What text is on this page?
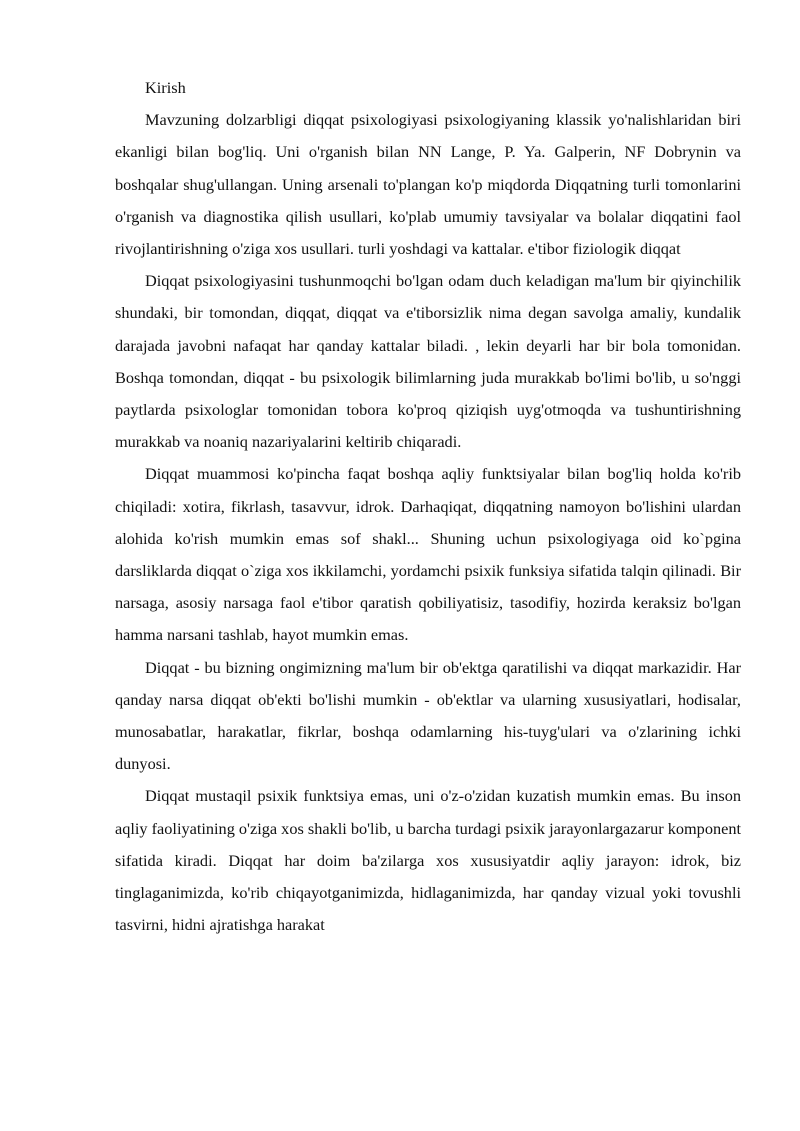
Kirish

Mavzuning dolzarbligi diqqat psixologiyasi psixologiyaning klassik yo'nalishlaridan biri ekanligi bilan bog'liq. Uni o'rganish bilan NN Lange, P. Ya. Galperin, NF Dobrynin va boshqalar shug'ullangan. Uning arsenali to'plangan ko'p miqdorda Diqqatning turli tomonlarini o'rganish va diagnostika qilish usullari, ko'plab umumiy tavsiyalar va bolalar diqqatini faol rivojlantirishning o'ziga xos usullari. turli yoshdagi va kattalar. e'tibor fiziologik diqqat

Diqqat psixologiyasini tushunmoqchi bo'lgan odam duch keladigan ma'lum bir qiyinchilik shundaki, bir tomondan, diqqat, diqqat va e'tiborsizlik nima degan savolga amaliy, kundalik darajada javobni nafaqat har qanday kattalar biladi. , lekin deyarli har bir bola tomonidan. Boshqa tomondan, diqqat - bu psixologik bilimlarning juda murakkab bo'limi bo'lib, u so'nggi paytlarda psixologlar tomonidan tobora ko'proq qiziqish uyg'otmoqda va tushuntirishning murakkab va noaniq nazariyalarini keltirib chiqaradi.

Diqqat muammosi ko'pincha faqat boshqa aqliy funktsiyalar bilan bog'liq holda ko'rib chiqiladi: xotira, fikrlash, tasavvur, idrok. Darhaqiqat, diqqatning namoyon bo'lishini ulardan alohida ko'rish mumkin emas sof shakl... Shuning uchun psixologiyaga oid ko`pgina darsliklarda diqqat o`ziga xos ikkilamchi, yordamchi psixik funksiya sifatida talqin qilinadi. Bir narsaga, asosiy narsaga faol e'tibor qaratish qobiliyatisiz, tasodifiy, hozirda keraksiz bo'lgan hamma narsani tashlab, hayot mumkin emas.

Diqqat - bu bizning ongimizning ma'lum bir ob'ektga qaratilishi va diqqat markazidir. Har qanday narsa diqqat ob'ekti bo'lishi mumkin - ob'ektlar va ularning xususiyatlari, hodisalar, munosabatlar, harakatlar, fikrlar, boshqa odamlarning his-tuyg'ulari va o'zlarining ichki dunyosi.

Diqqat mustaqil psixik funktsiya emas, uni o'z-o'zidan kuzatish mumkin emas. Bu inson aqliy faoliyatining o'ziga xos shakli bo'lib, u barcha turdagi psixik jarayonlargazarur komponent sifatida kiradi. Diqqat har doim ba'zilarga xos xususiyatdir aqliy jarayon: idrok, biz tinglaganimizda, ko'rib chiqayotganimizda, hidlaganimizda, har qanday vizual yoki tovushli tasvirni, hidni ajratishga harakat
